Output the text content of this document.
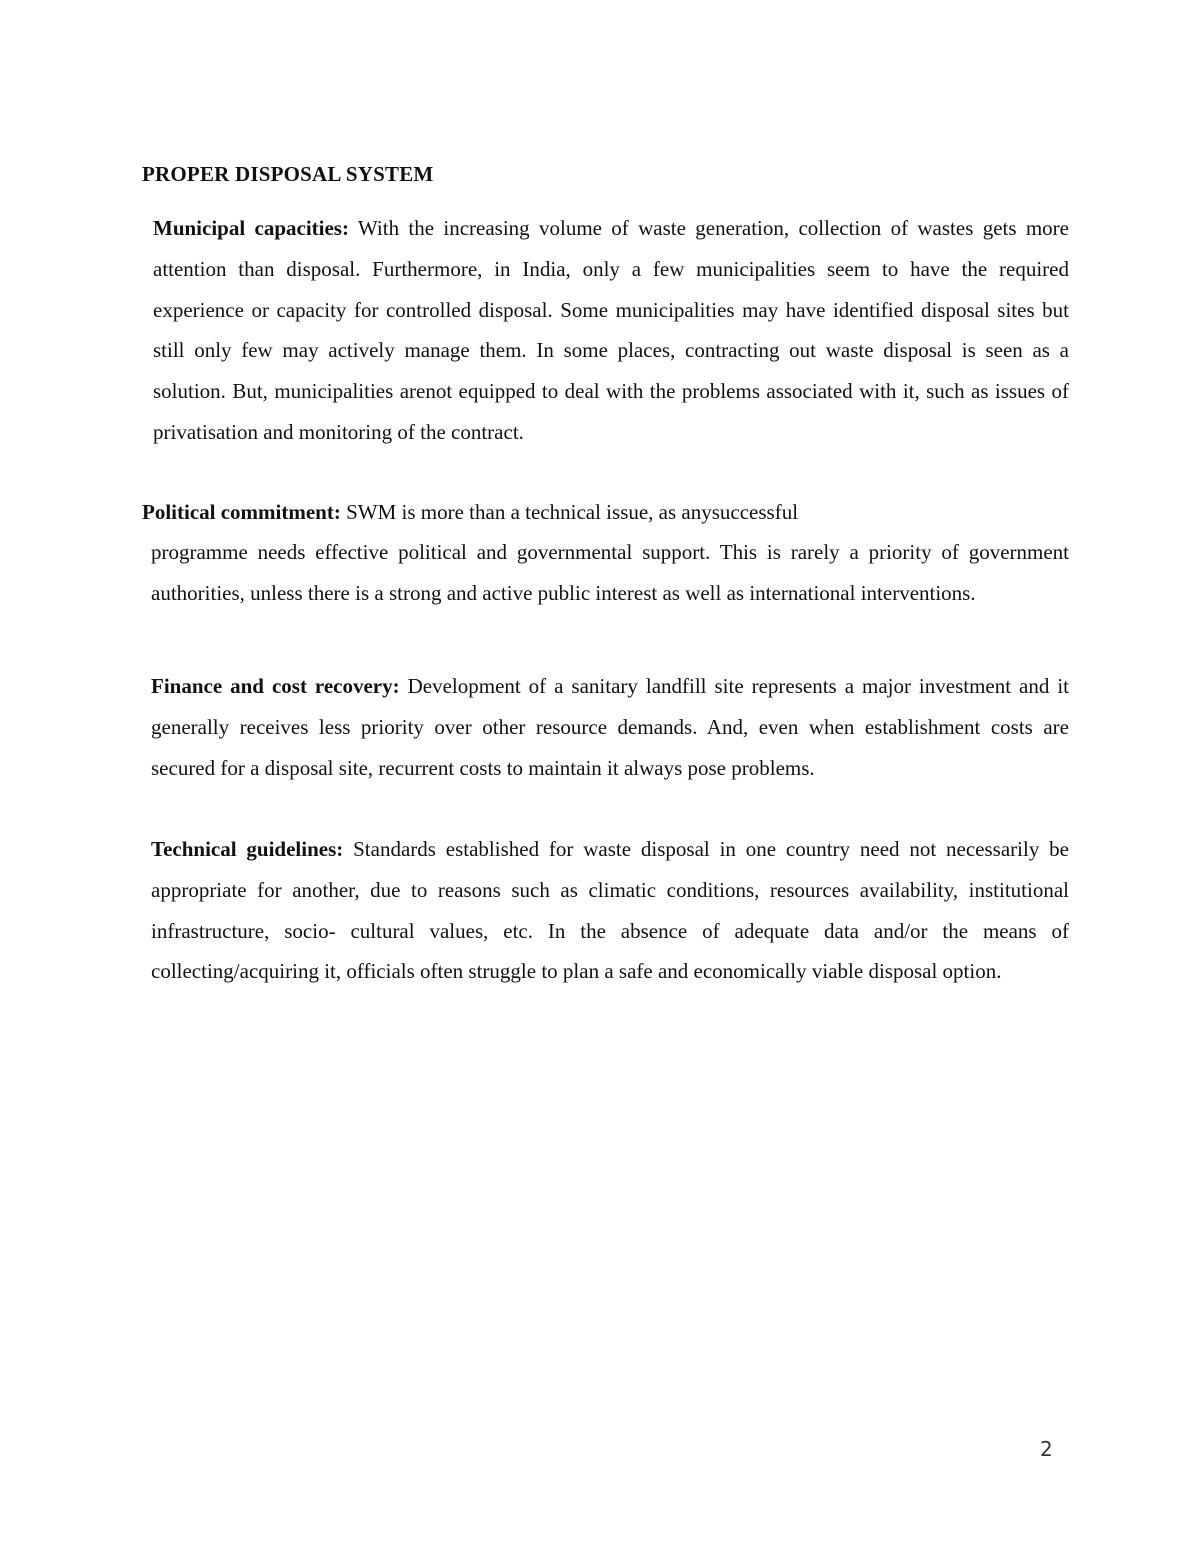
PROPER DISPOSAL SYSTEM
Municipal capacities: With the increasing volume of waste generation, collection of wastes gets more attention than disposal. Furthermore, in India, only a few municipalities seem to have the required experience or capacity for controlled disposal. Some municipalities may have identified disposal sites but still only few may actively manage them. In some places, contracting out waste disposal is seen as a solution. But, municipalities arenot equipped to deal with the problems associated with it, such as issues of privatisation and monitoring of the contract.
Political commitment: SWM is more than a technical issue, as anysuccessful
programme needs effective political and governmental support. This is rarely a priority of government authorities, unless there is a strong and active public interest as well as international interventions.
Finance and cost recovery: Development of a sanitary landfill site represents a major investment and it generally receives less priority over other resource demands. And, even when establishment costs are secured for a disposal site, recurrent costs to maintain it always pose problems.
Technical guidelines: Standards established for waste disposal in one country need not necessarily be appropriate for another, due to reasons such as climatic conditions, resources availability, institutional infrastructure, socio- cultural values, etc. In the absence of adequate data and/or the means of collecting/acquiring it, officials often struggle to plan a safe and economically viable disposal option.
2
